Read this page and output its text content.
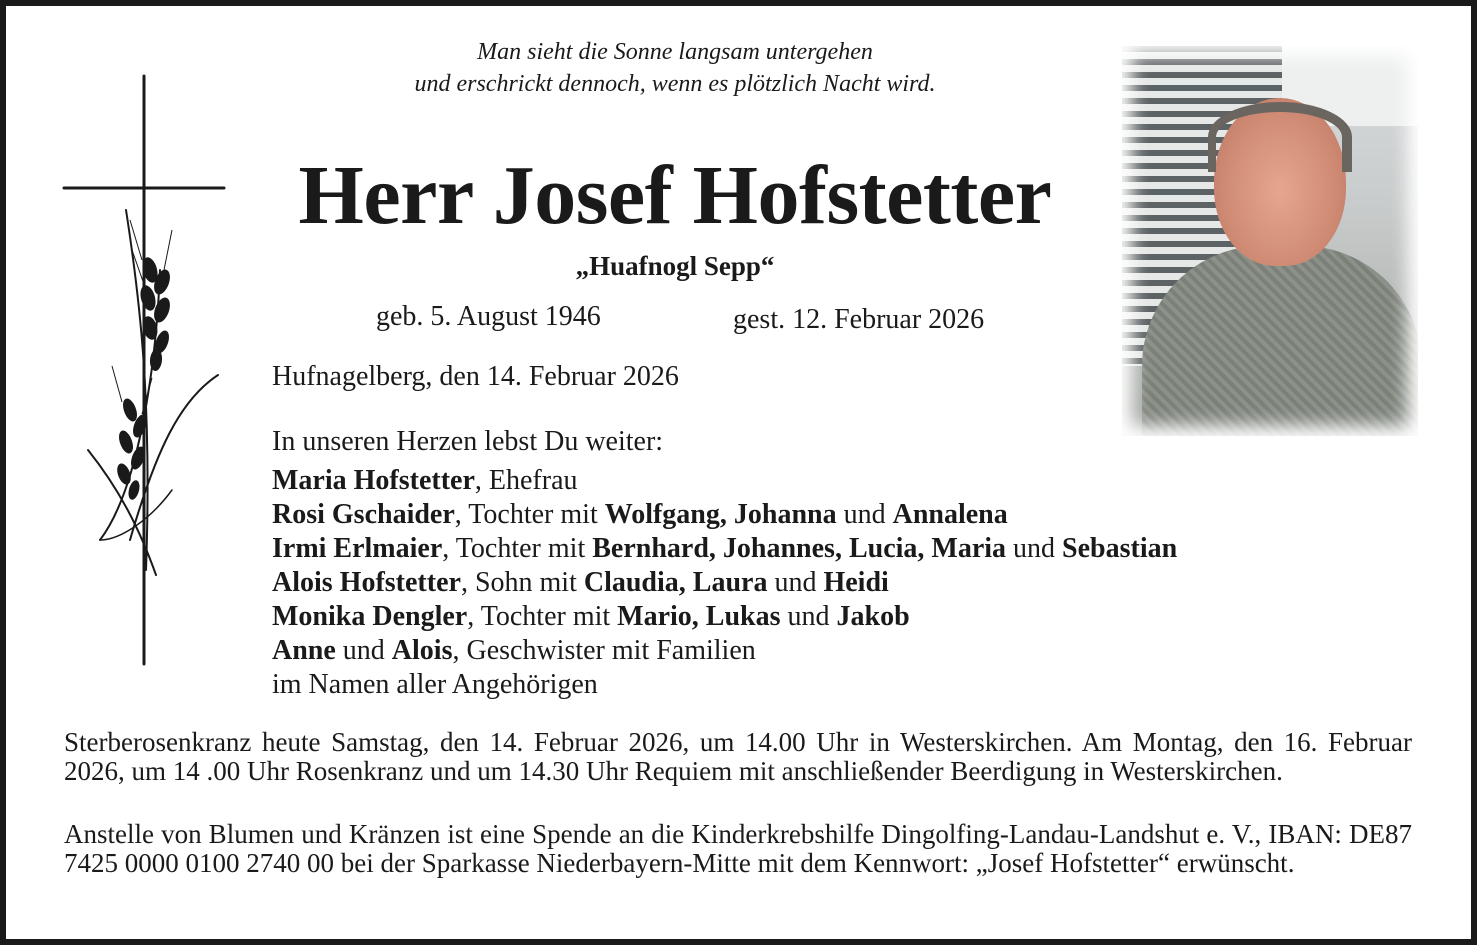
Man sieht die Sonne langsam untergehen
und erschrickt dennoch, wenn es plötzlich Nacht wird.
Herr Josef Hofstetter
„Huafnogl Sepp“
geb. 5. August 1946	gest. 12. Februar 2026
Hufnagelberg, den 14. Februar 2026
In unseren Herzen lebst Du weiter:
Maria Hofstetter, Ehefrau
Rosi Gschaider, Tochter mit Wolfgang, Johanna und Annalena
Irmi Erlmaier, Tochter mit Bernhard, Johannes, Lucia, Maria und Sebastian
Alois Hofstetter, Sohn mit Claudia, Laura und Heidi
Monika Dengler, Tochter mit Mario, Lukas und Jakob
Anne und Alois, Geschwister mit Familien
im Namen aller Angehörigen
Sterberosenkranz heute Samstag, den 14. Februar 2026, um 14.00 Uhr in Westerskirchen. Am Montag, den 16. Februar 2026, um 14 .00 Uhr Rosenkranz und um 14.30 Uhr Requiem mit anschließender Beerdigung in Westerskirchen.
Anstelle von Blumen und Kränzen ist eine Spende an die Kinderkrebshilfe Dingolfing-Landau-Landshut e. V., IBAN: DE87 7425 0000 0100 2740 00 bei der Sparkasse Niederbayern-Mitte mit dem Kennwort: „Josef Hofstetter“ erwünscht.
